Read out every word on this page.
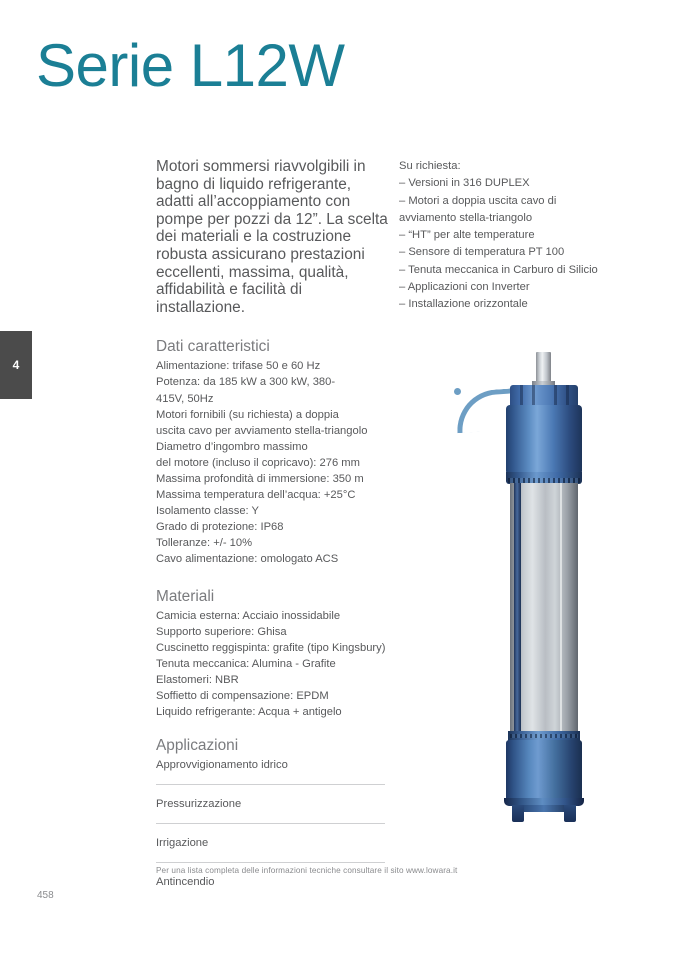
Serie L12W
4

Motori sommersi riavvolgibili in bagno di liquido refrigerante, adatti all’accoppiamento con pompe per pozzi da 12”. La scelta dei materiali e la costruzione robusta assicurano prestazioni eccellenti, massima, qualità, affidabilità e facilità di installazione.

Dati caratteristici
Alimentazione: trifase 50 e 60 Hz
Potenza: da 185 kW a 300 kW, 380-
415V, 50Hz
Motori fornibili (su richiesta) a doppia
uscita cavo per avviamento stella-triangolo
Diametro d’ingombro massimo
del motore (incluso il copricavo): 276 mm
Massima profondità di immersione: 350 m
Massima temperatura dell’acqua: +25°C
Isolamento classe: Y
Grado di protezione: IP68
Tolleranze: +/- 10%
Cavo alimentazione: omologato ACS
Materiali
Camicia esterna: Acciaio inossidabile
Supporto superiore: Ghisa
Cuscinetto reggispinta: grafite (tipo Kingsbury)
Tenuta meccanica: Alumina - Grafite
Elastomeri: NBR
Soffietto di compensazione: EPDM
Liquido refrigerante: Acqua + antigelo
Applicazioni
Approvvigionamento idrico
Pressurizzazione
Irrigazione
Antincendio

Su richiesta:

– Versioni in 316 DUPLEX
– Motori a doppia uscita cavo di
avviamento stella-triangolo
– “HT” per alte temperature
– Sensore di temperatura PT 100
– Tenuta meccanica in Carburo di Silicio
– Applicazioni con Inverter
– Installazione orizzontale
Per una lista completa delle informazioni tecniche consultare il sito www.lowara.it
458
